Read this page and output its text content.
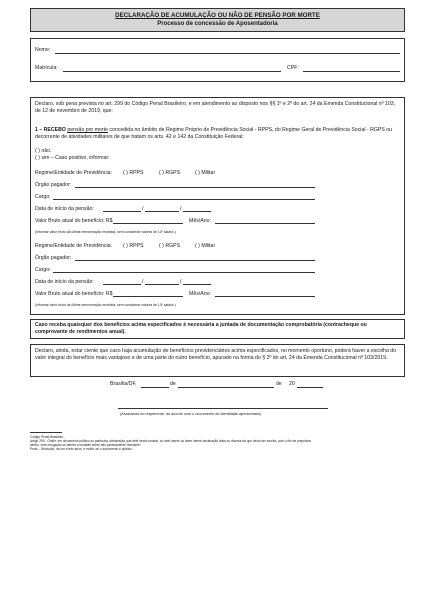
DECLARAÇÃO DE ACUMULAÇÃO OU NÃO DE PENSÃO POR MORTE
Processo de concessão de Aposentadoria
Nome:
Matrícula:	CPF:
Declaro, sob pena prevista no art. 299 do Código Penal Brasileiro, e em atendimento ao disposto nos §§ 1º e 2º do art. 24 da Emenda Constitucional nº 103, de 12 de novembro de 2019, que:
1 – RECEBO pensão por morte concedida no âmbito de Regime Próprio de Previdência Social - RPPS, do Regime Geral de Previdência Social - RGPS ou decorrente de atividades militares de que tratam os arts. 42 e 142 da Constituição Federal:
( ) não.
( ) sim – Caso positivo, informar:
Regime/Entidade de Previdência: ( ) RPPS	( ) RGPS	( ) Militar
Órgão pagador:
Cargo:
Data de início da pensão:	/	/
Valor Bruto atual do benefício: R$	Mês/Ano:
(Informar valor bruto da última remuneração recebida, sem considerar valores de 13º salário.)
Regime/Entidade de Previdência: ( ) RPPS	( ) RGPS	( ) Militar
Órgão pagador:
Cargo:
Data de início da pensão:	/	/
Valor Bruto atual do benefício: R$	Mês/Ano:
(Informar valor bruto da última remuneração recebida, sem considerar valores de 13º salário.)
Caso receba quaisquer dos benefícios acima especificados é necessária a juntada de documentação comprobatória (contracheque ou comprovante de rendimentos anual).
Declaro, ainda, estar ciente que caso haja acumulação de benefícios previdenciários acima especificados, no momento oportuno, poderá haver a escolha do valor integral do benefício mais vantajoso e de uma parte do outro benefício, apurado na forma do § 2º do art. 24 da Emenda Constitucional nº 103/2019.
Brasília/DF,	de	de 20
(Assinatura do requerente, de acordo com o documento de identidade apresentado)
Código Penal Brasileiro
Artigo 299 - Omitir, em documento público ou particular, declaração que dele devia constar, ou nele inserir ou fazer inserir declaração falsa ou diversa da que devia ser escrita, com o fim de prejudicar
direito, criar obrigação ou alterar a verdade sobre fato juridicamente relevante:
Pena – Reclusão, de um a três anos, e multa, se o documento é público.
